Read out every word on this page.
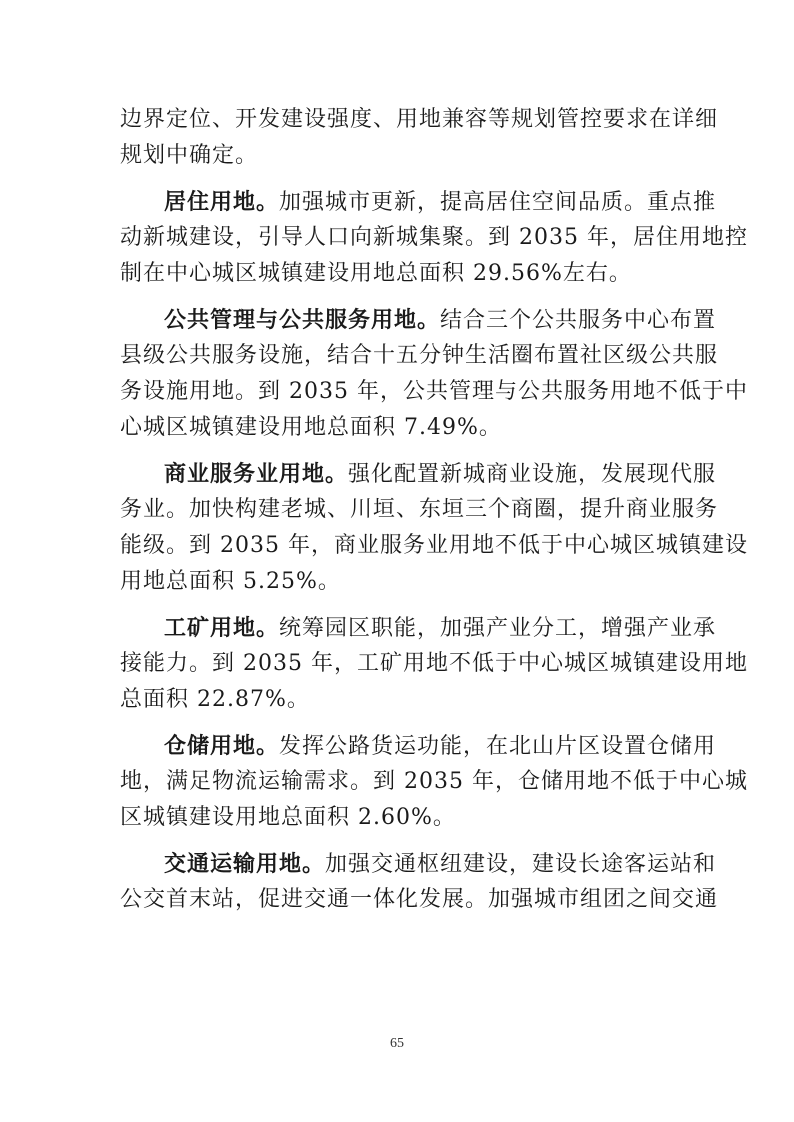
边界定位、开发建设强度、用地兼容等规划管控要求在详细
规划中确定。
居住用地。加强城市更新，提高居住空间品质。重点推
动新城建设，引导人口向新城集聚。到 2035 年，居住用地控
制在中心城区城镇建设用地总面积 29.56%左右。
公共管理与公共服务用地。结合三个公共服务中心布置
县级公共服务设施，结合十五分钟生活圈布置社区级公共服
务设施用地。到 2035 年，公共管理与公共服务用地不低于中
心城区城镇建设用地总面积 7.49%。
商业服务业用地。强化配置新城商业设施，发展现代服
务业。加快构建老城、川垣、东垣三个商圈，提升商业服务
能级。到 2035 年，商业服务业用地不低于中心城区城镇建设
用地总面积 5.25%。
工矿用地。统筹园区职能，加强产业分工，增强产业承
接能力。到 2035 年，工矿用地不低于中心城区城镇建设用地
总面积 22.87%。
仓储用地。发挥公路货运功能，在北山片区设置仓储用
地，满足物流运输需求。到 2035 年，仓储用地不低于中心城
区城镇建设用地总面积 2.60%。
交通运输用地。加强交通枢纽建设，建设长途客运站和
公交首末站，促进交通一体化发展。加强城市组团之间交通
65
